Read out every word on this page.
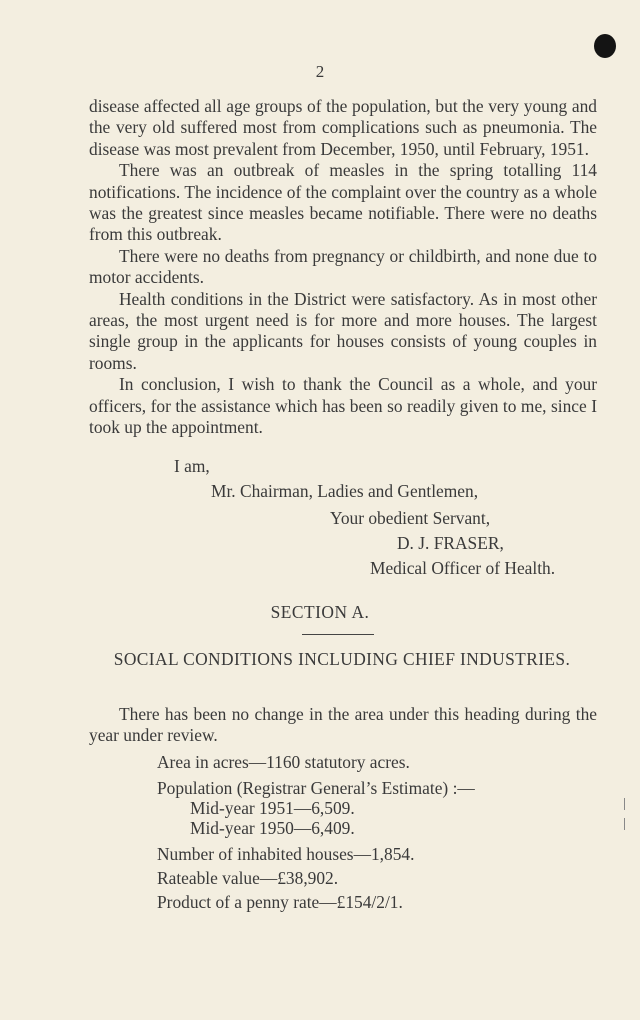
2

disease affected all age groups of the population, but the very young and the very old suffered most from complications such as pneumonia. The disease was most prevalent from December, 1950, until February, 1951.

There was an outbreak of measles in the spring totalling 114 notifications. The incidence of the complaint over the country as a whole was the greatest since measles became notifiable. There were no deaths from this outbreak.

There were no deaths from pregnancy or childbirth, and none due to motor accidents.

Health conditions in the District were satisfactory. As in most other areas, the most urgent need is for more and more houses. The largest single group in the applicants for houses consists of young couples in rooms.

In conclusion, I wish to thank the Council as a whole, and your officers, for the assistance which has been so readily given to me, since I took up the appointment.

I am,
Mr. Chairman, Ladies and Gentlemen,
Your obedient Servant,
D. J. FRASER,
Medical Officer of Health.
SECTION A.
SOCIAL CONDITIONS INCLUDING CHIEF INDUSTRIES.

There has been no change in the area under this heading during the year under review.

Area in acres—1160 statutory acres.
Population (Registrar General’s Estimate) :—
Mid-year 1951—6,509.
Mid-year 1950—6,409.
Number of inhabited houses—1,854.
Rateable value—£38,902.
Product of a penny rate—£154/2/1.
